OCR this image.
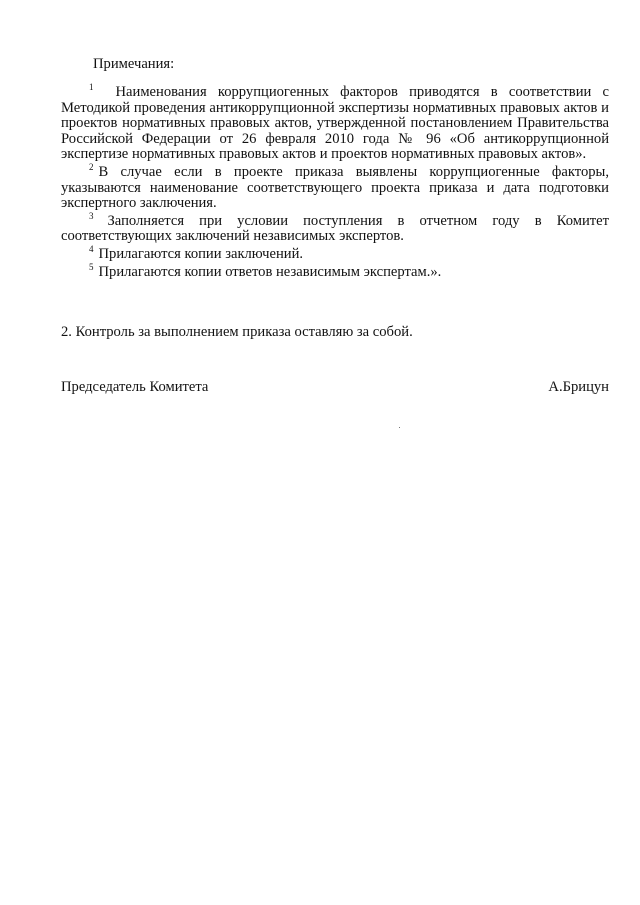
Примечания:

$^1$ Наименования коррупциогенных факторов приводятся в соответствии с Методикой проведения антикоррупционной экспертизы нормативных правовых актов и проектов нормативных правовых актов, утвержденной постановлением Правительства Российской Федерации от 26 февраля 2010 года № 96 «Об антикоррупционной экспертизе нормативных правовых актов и проектов нормативных правовых актов».

$^2$ В случае если в проекте приказа выявлены коррупциогенные факторы, указываются наименование соответствующего проекта приказа и дата подготовки экспертного заключения.

$^3$ Заполняется при условии поступления в отчетном году в Комитет соответствующих заключений независимых экспертов.

$^4$ Прилагаются копии заключений.

$^5$ Прилагаются копии ответов независимым экспертам.».

2. Контроль за выполнением приказа оставляю за собой.

Председатель Комитета	А.Брицун
